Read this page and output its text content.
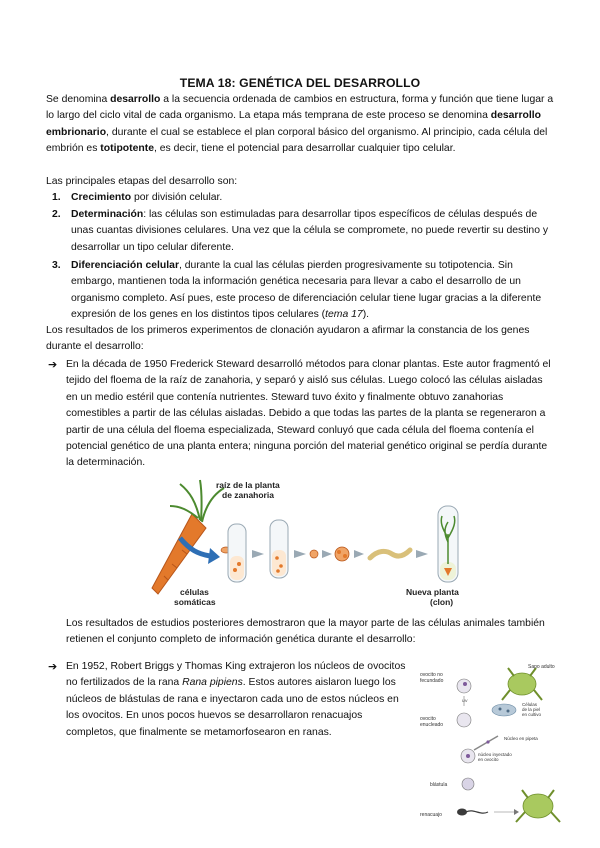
TEMA 18: GENÉTICA DEL DESARROLLO

Se denomina desarrollo a la secuencia ordenada de cambios en estructura, forma y función que tiene lugar a lo largo del ciclo vital de cada organismo. La etapa más temprana de este proceso se denomina desarrollo embrionario, durante el cual se establece el plan corporal básico del organismo. Al principio, cada célula del embrión es totipotente, es decir, tiene el potencial para desarrollar cualquier tipo celular.

Las principales etapas del desarrollo son:

1. Crecimiento por división celular.

2. Determinación: las células son estimuladas para desarrollar tipos específicos de células después de unas cuantas divisiones celulares. Una vez que la célula se compromete, no puede revertir su destino y desarrollar un tipo celular diferente.

3. Diferenciación celular, durante la cual las células pierden progresivamente su totipotencia. Sin embargo, mantienen toda la información genética necesaria para llevar a cabo el desarrollo de un organismo completo. Así pues, este proceso de diferenciación celular tiene lugar gracias a la diferente expresión de los genes en los distintos tipos celulares (tema 17).

Los resultados de los primeros experimentos de clonación ayudaron a afirmar la constancia de los genes durante el desarrollo:

➔ En la década de 1950 Frederick Steward desarrolló métodos para clonar plantas. Este autor fragmentó el tejido del floema de la raíz de zanahoria, y separó y aisló sus células. Luego colocó las células aisladas en un medio estéril que contenía nutrientes. Steward tuvo éxito y finalmente obtuvo zanahorias comestibles a partir de las células aisladas. Debido a que todas las partes de la planta se regeneraron a partir de una célula del floema especializada, Steward conluyó que cada célula del floema contenía el potencial genético de una planta entera; ninguna porción del material genético original se perdía durante la determinación.

células
somáticas
Nueva planta
(clon)
raíz de la planta
de zanahoria

Los resultados de estudios posteriores demostraron que la mayor parte de las células animales también retienen el conjunto completo de información genética durante el desarrollo:

➔ En 1952, Robert Briggs y Thomas King extrajeron los núcleos de ovocitos no fertilizados de la rana Rana pipiens. Estos autores aislaron luego los núcleos de blástulas de rana e inyectaron cada uno de estos núcleos en los ovocitos. En unos pocos huevos se desarrollaron renacuajos completos, que finalmente se metamorfosearon en ranas.

Sapo adulto
ovocito no
fecundado
UV
Células
de la piel
en cultivo
ovocito
enucleado
Núcleo en pipeta
núcleo inyectado
en ovocito
blástula
renacuajo
